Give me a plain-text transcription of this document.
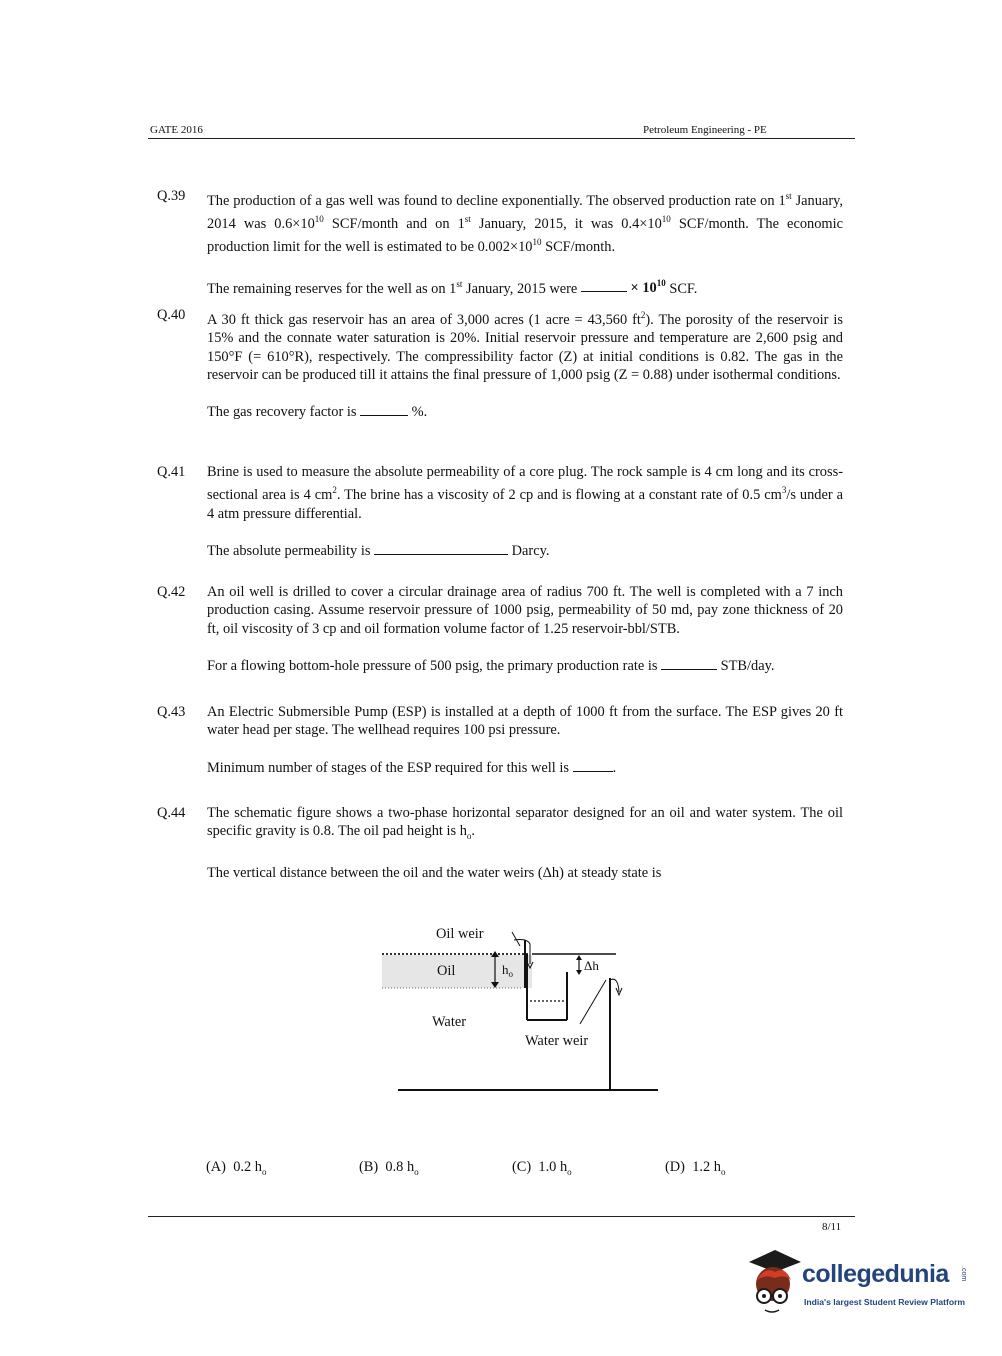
GATE 2016	Petroleum Engineering - PE
Q.39 The production of a gas well was found to decline exponentially. The observed production rate on 1st January, 2014 was $0.6\times 10^{10}$ SCF/month and on 1st January, 2015, it was $0.4\times 10^{10}$ SCF/month. The economic production limit for the well is estimated to be $0.002\times 10^{10}$ SCF/month.
The remaining reserves for the well as on 1st January, 2015 were	× $10^{10}$ SCF.
Q.40 A 30 ft thick gas reservoir has an area of 3,000 acres (1 acre = 43,560 $ft^2$). The porosity of the reservoir is 15% and the connate water saturation is 20%. Initial reservoir pressure and temperature are 2,600 psig and 150°F (= 610°R), respectively. The compressibility factor (Z) at initial conditions is 0.82. The gas in the reservoir can be produced till it attains the final pressure of 1,000 psig (Z = 0.88) under isothermal conditions.
The gas recovery factor is	%.
Q.41 Brine is used to measure the absolute permeability of a core plug. The rock sample is 4 cm long and its cross-sectional area is 4 $cm^2$. The brine has a viscosity of 2 cp and is flowing at a constant rate of 0.5 $cm^3/s$ under a 4 atm pressure differential.
The absolute permeability is	Darcy.
Q.42 An oil well is drilled to cover a circular drainage area of radius 700 ft. The well is completed with a 7 inch production casing. Assume reservoir pressure of 1000 psig, permeability of 50 md, pay zone thickness of 20 ft, oil viscosity of 3 cp and oil formation volume factor of 1.25 reservoir-bbl/STB.
For a flowing bottom-hole pressure of 500 psig, the primary production rate is	STB/day.
Q.43 An Electric Submersible Pump (ESP) is installed at a depth of 1000 ft from the surface. The ESP gives 20 ft water head per stage. The wellhead requires 100 psi pressure.
Minimum number of stages of the ESP required for this well is	.
Q.44 The schematic figure shows a two-phase horizontal separator designed for an oil and water system. The oil specific gravity is 0.8. The oil pad height is $h_o$.
The vertical distance between the oil and the water weirs (Δh) at steady state is
Oil weir
Oil	$h_o$
Δh
Water
Water weir
(A) 0.2 $h_o$	(B) 0.8 $h_o$	(C) 1.0 $h_o$	(D) 1.2 $h_o$
8/11
collegedunia .com
India's largest Student Review Platform
